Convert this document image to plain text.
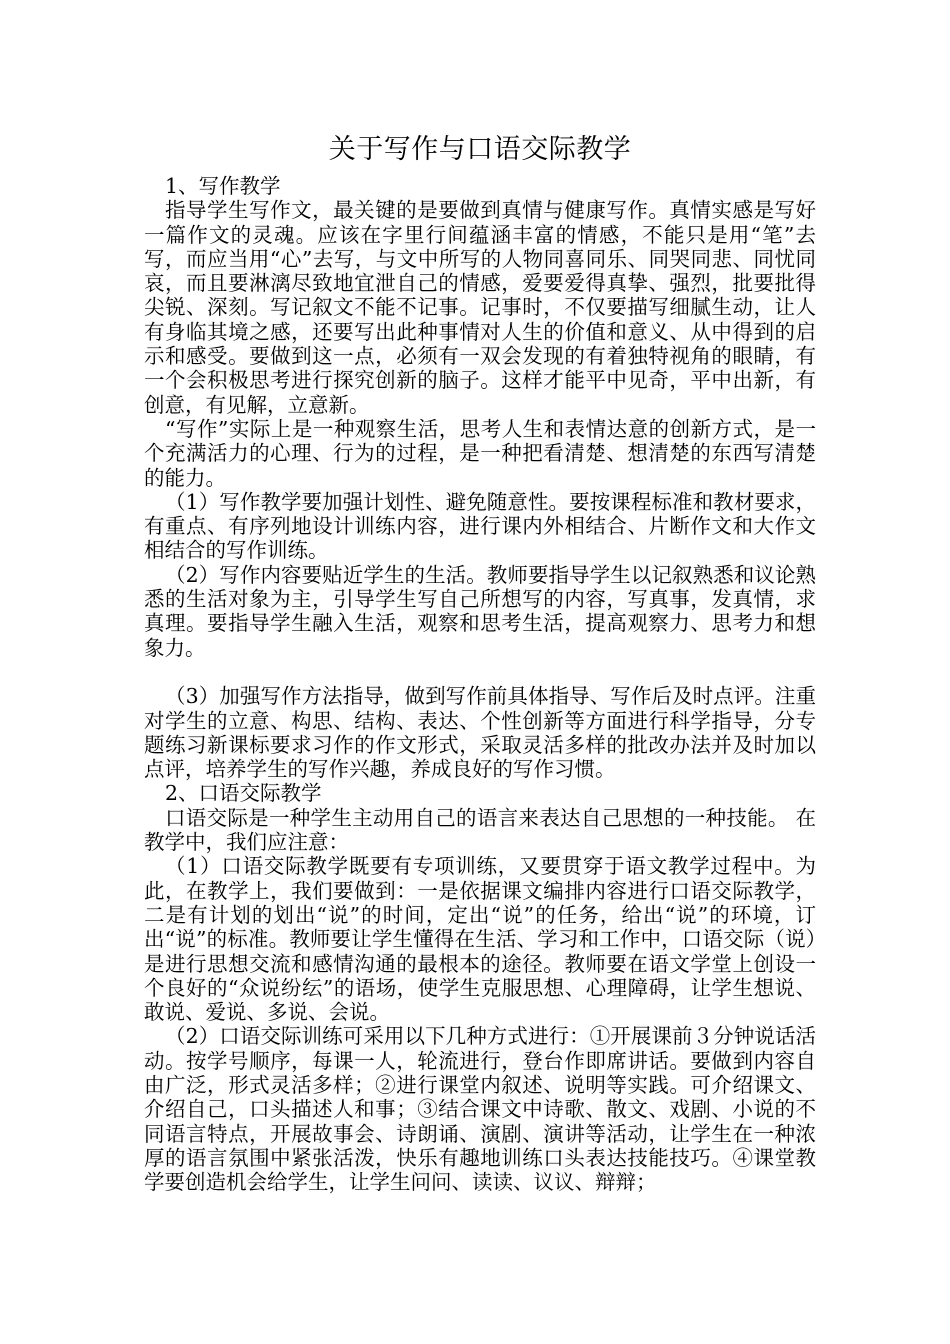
关于写作与口语交际教学

1、写作教学

指导学生写作文，最关键的是要做到真情与健康写作。真情实感是写好一篇作文的灵魂。应该在字里行间蕴涵丰富的情感，不能只是用“笔”去写，而应当用“心”去写，与文中所写的人物同喜同乐、同哭同悲、同忧同哀，而且要淋漓尽致地宜泄自己的情感，爱要爱得真挚、强烈，批要批得尖锐、深刻。写记叙文不能不记事。记事时，不仅要描写细腻生动，让人有身临其境之感，还要写出此种事情对人生的价值和意义、从中得到的启示和感受。要做到这一点，必须有一双会发现的有着独特视角的眼睛，有一个会积极思考进行探究创新的脑子。这样才能平中见奇，平中出新，有创意，有见解，立意新。

“写作”实际上是一种观察生活，思考人生和表情达意的创新方式，是一个充满活力的心理、行为的过程，是一种把看清楚、想清楚的东西写清楚的能力。

（1）写作教学要加强计划性、避免随意性。要按课程标准和教材要求，有重点、有序列地设计训练内容，进行课内外相结合、片断作文和大作文相结合的写作训练。

（2）写作内容要贴近学生的生活。教师要指导学生以记叙熟悉和议论熟悉的生活对象为主，引导学生写自己所想写的内容，写真事，发真情，求真理。要指导学生融入生活，观察和思考生活，提高观察力、思考力和想象力。

（3）加强写作方法指导，做到写作前具体指导、写作后及时点评。注重对学生的立意、构思、结构、表达、个性创新等方面进行科学指导，分专题练习新课标要求习作的作文形式，采取灵活多样的批改办法并及时加以点评，培养学生的写作兴趣，养成良好的写作习惯。

2、口语交际教学

口语交际是一种学生主动用自己的语言来表达自己思想的一种技能。 在教学中，我们应注意：

（1）口语交际教学既要有专项训练，又要贯穿于语文教学过程中。为此，在教学上，我们要做到：一是依据课文编排内容进行口语交际教学，二是有计划的划出“说”的时间，定出“说”的任务，给出“说”的环境，订出“说”的标准。教师要让学生懂得在生活、学习和工作中，口语交际（说）是进行思想交流和感情沟通的最根本的途径。教师要在语文学堂上创设一个良好的“众说纷纭”的语场，使学生克服思想、心理障碍，让学生想说、敢说、爱说、多说、会说。

（2）口语交际训练可采用以下几种方式进行：①开展课前３分钟说话活动。按学号顺序，每课一人，轮流进行，登台作即席讲话。要做到内容自由广泛，形式灵活多样；②进行课堂内叙述、说明等实践。可介绍课文、介绍自己，口头描述人和事；③结合课文中诗歌、散文、戏剧、小说的不同语言特点，开展故事会、诗朗诵、演剧、演讲等活动，让学生在一种浓厚的语言氛围中紧张活泼，快乐有趣地训练口头表达技能技巧。④课堂教学要创造机会给学生，让学生问问、读读、议议、辩辩；
